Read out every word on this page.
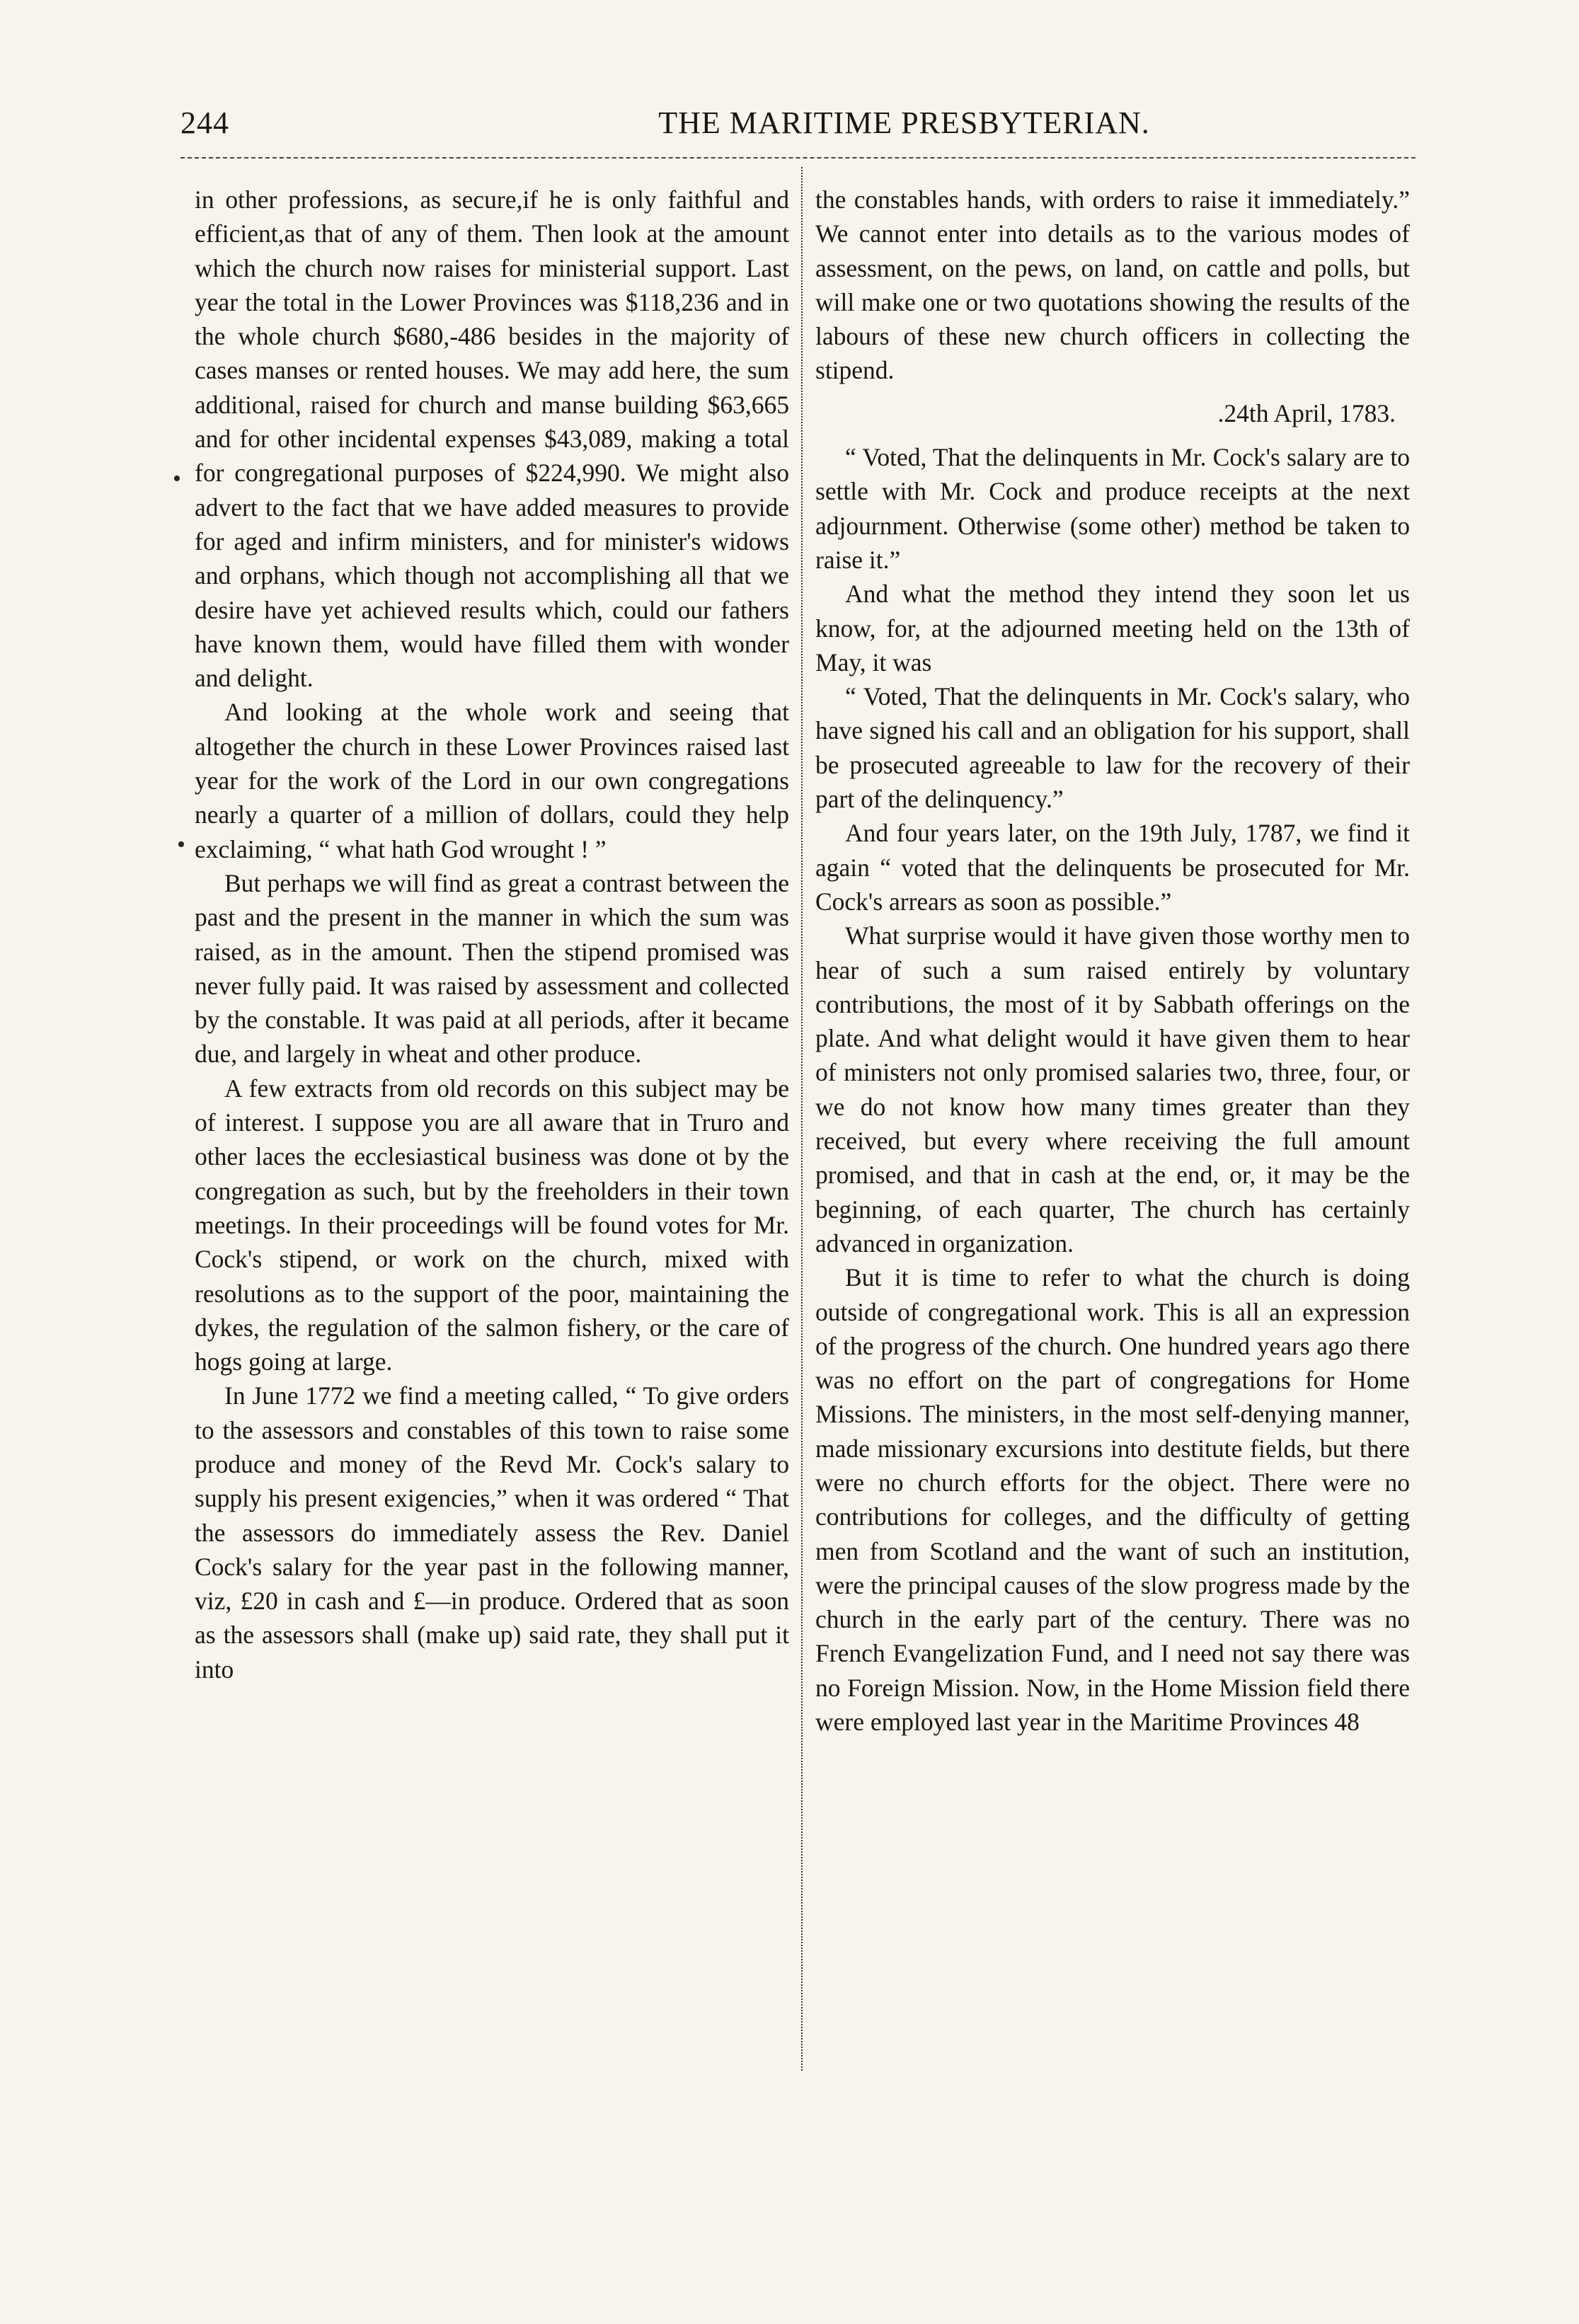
244	THE MARITIME PRESBYTERIAN.
•
•

in other professions, as secure,if he is only faithful and efficient,as that of any of them. Then look at the amount which the church now raises for ministerial support. Last year the total in the Lower Provinces was $118,236 and in the whole church $680,-486 besides in the majority of cases manses or rented houses. We may add here, the sum additional, raised for church and manse building $63,665 and for other incidental expenses $43,089, making a total for congregational purposes of $224,990. We might also advert to the fact that we have added measures to provide for aged and infirm ministers, and for minister's widows and orphans, which though not accomplishing all that we desire have yet achieved results which, could our fathers have known them, would have filled them with wonder and delight.

And looking at the whole work and seeing that altogether the church in these Lower Provinces raised last year for the work of the Lord in our own congregations nearly a quarter of a million of dollars, could they help exclaiming, “ what hath God wrought ! ”

But perhaps we will find as great a contrast between the past and the present in the manner in which the sum was raised, as in the amount. Then the stipend promised was never fully paid. It was raised by assessment and collected by the constable. It was paid at all periods, after it became due, and largely in wheat and other produce.

A few extracts from old records on this subject may be of interest. I suppose you are all aware that in Truro and other laces the ecclesiastical business was done ot by the congregation as such, but by the freeholders in their town meetings. In their proceedings will be found votes for Mr. Cock's stipend, or work on the church, mixed with resolutions as to the support of the poor, maintaining the dykes, the regulation of the salmon fishery, or the care of hogs going at large.

In June 1772 we find a meeting called, “ To give orders to the assessors and constables of this town to raise some produce and money of the Revd Mr. Cock's salary to supply his present exigencies,” when it was ordered “ That the assessors do immediately assess the Rev. Daniel Cock's salary for the year past in the following manner, viz, £20 in cash and £—in produce. Ordered that as soon as the assessors shall (make up) said rate, they shall put it into

the constables hands, with orders to raise it immediately.” We cannot enter into details as to the various modes of assessment, on the pews, on land, on cattle and polls, but will make one or two quotations showing the results of the labours of these new church officers in collecting the stipend.

.24th April, 1783.

“ Voted, That the delinquents in Mr. Cock's salary are to settle with Mr. Cock and produce receipts at the next adjournment. Otherwise (some other) method be taken to raise it.”

And what the method they intend they soon let us know, for, at the adjourned meeting held on the 13th of May, it was

“ Voted, That the delinquents in Mr. Cock's salary, who have signed his call and an obligation for his support, shall be prosecuted agreeable to law for the recovery of their part of the delinquency.”

And four years later, on the 19th July, 1787, we find it again “ voted that the delinquents be prosecuted for Mr. Cock's arrears as soon as possible.”

What surprise would it have given those worthy men to hear of such a sum raised entirely by voluntary contributions, the most of it by Sabbath offerings on the plate. And what delight would it have given them to hear of ministers not only promised salaries two, three, four, or we do not know how many times greater than they received, but every where receiving the full amount promised, and that in cash at the end, or, it may be the beginning, of each quarter, The church has certainly advanced in organization.

But it is time to refer to what the church is doing outside of congregational work. This is all an expression of the progress of the church. One hundred years ago there was no effort on the part of congregations for Home Missions. The ministers, in the most self-denying manner, made missionary excursions into destitute fields, but there were no church efforts for the object. There were no contributions for colleges, and the difficulty of getting men from Scotland and the want of such an institution, were the principal causes of the slow progress made by the church in the early part of the century. There was no French Evangelization Fund, and I need not say there was no Foreign Mission. Now, in the Home Mission field there were employed last year in the Maritime Provinces 48
